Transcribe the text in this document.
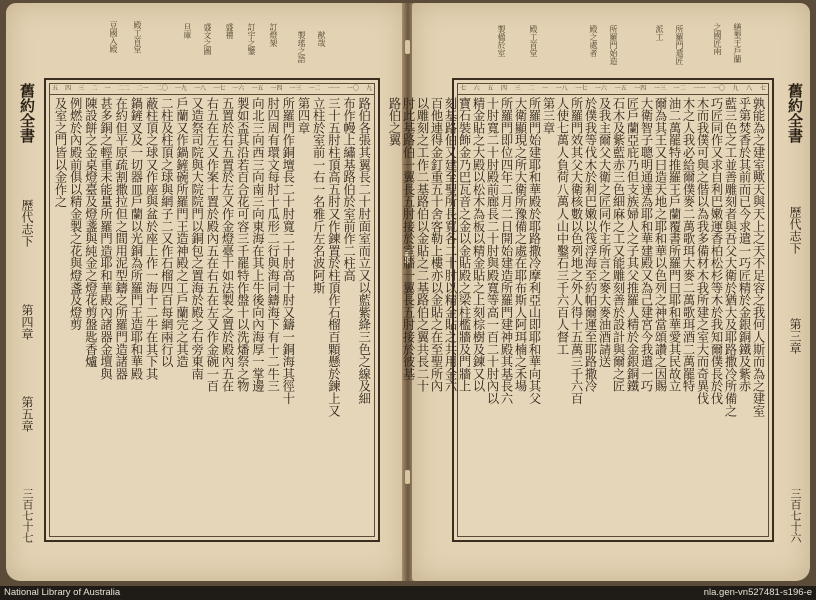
猷哉
製瑤之語
訂燈架
訂宇之鑒
盛禮
盛文之圖
旦庫
殿工首堂
豆國入殿
舊約全書
歷代志下
第四章
第五章
三百七十七
九
一〇
一一
一二
一三
一四
一五
一六
一七
一八
一九
二〇
二一
二二
一
二
三
四
五
路伯各張其翼長二十肘面室而立又以藍紫絳三色之線及細
布作幔上繡基路伯於室前作二柱高
三十五肘柱頂高五肘又作鍊置於柱頂作石榴百顆懸於鍊上又
立柱於室前一右一名雅斤左名波阿斯
第四章
所羅門作銅壇長二十肘寬二十肘高十肘又鑄一銅海其徑十
肘四周有環文每肘十瓜形二行與海同鑄海下有十二牛三
向北三向西三向南三向東海在其上牛後向內海厚一掌邊
製如盃其沿若百合花可容三千罷特作盤十以洗燔祭之物
五置於右五置於左又作金燈臺十如法製之置於殿內五在
右五在左又作案十置於殿內五在右五在左又作金碗一百
又造祭司院與大院院門以銅包之置海於殿之右旁東南
戶蘭又作鍋鏟碗所羅門王造神殿之工戶蘭完之其造
二柱及柱頂之球與網子二又作石榴四百每網兩行以
蔽柱頂之球又作座與盆於座上作一海十二牛在其下其
鍋鏟叉及一切器皿戶蘭以光銅為所羅門王造耶和華殿
在約但平原疏割撒拉但之間用泥型鑄之所羅門造諸器
甚多銅之輕重未能量所羅門造耶和華殿內諸器金壇與
陳設餅之金桌燈臺及燈盞與純金之燈花剪盤匙香爐
例燃於內殿前俱以精金製之花與燈盞及燈剪
及室之門皆以金作之
繕墾王戶蘭
之國匠兩
所羅門遣匠
派工
所羅門始造
殿之處者
殿工首堂
製楹於室
舊約全書
歷代志下
第三章
三百七十六
七
八
九
一〇
一一
一二
一三
一四
一五
一六
一七
一八
一
二
三
四
五
六
七
孰能為之建室歟天與天上之天不足容之我何人斯而為之建室
乎第焚香於其前而已今求遣一巧匠精於金銀銅鐵及紫赤
藍三色之工並善雕刻者與吾父大衛於猶大及耶路撒冷所備之
巧匠同作又求自利巴嫩運香柏松杉等木於我知爾僕長於伐
木而我僕可與之偕以為我多備材木我所建之室大而奇異伐
木之人我必給爾僕麥二萬歌珥大麥二萬歌珥酒二萬罷特
油二萬罷特推羅王戶蘭覆書所羅門曰耶和華愛其民故立
爾為其王又曰造天地之耶和華以色列之神當頌讚之因賜
大衛智子聰明通達為耶和華建殿又為己建宮今我遣一巧
匠戶蘭亞庇乃但支族婦人之子其父推羅人精於金銀銅鐵
石木及紫藍赤三色細麻之工又能雕刻善於設計與爾之匠
及我主爾父大衛之匠同作主所言之麥大麥油酒請送
於僕我等伐木於利巴嫩以筏浮海至約帕爾運至耶路撒冷
所羅門效其父大衛核數以色列地之外人得十五萬三千六百
人使七萬人負荷八萬人山中鑿石三千六百人督工
第三章
所羅門始建耶和華殿於耶路撒冷摩利亞山即耶和華向其父
大衛顯現之所大衛所豫備之處在耶布斯人阿珥楠之禾場
所羅門即位四年二月二日開始建造所羅門建神殿其基長六
十肘寬二十肘殿前廊長二十肘與殿寬等高一百二十肘內以
精金貼之大殿以松木為板以精金貼之上刻棕樹及鍊又以
寶石裝飾金乃巴瓦音之金以金貼殿之梁柱檻牆及門牆上
刻基路伯又建至聖所長寬各二十肘以精金貼之共用金六
百他連得金釘重五十舍客勒上樓亦以金貼之在至聖所內
以雕刻之工作二基路伯以金貼之二基路伯之翼共長二十
肘此基路伯一翼長五肘接於室牆一翼長五肘接於彼基
路伯之翼
National Library of Australia	nla.gen-vn527481-s196-e
